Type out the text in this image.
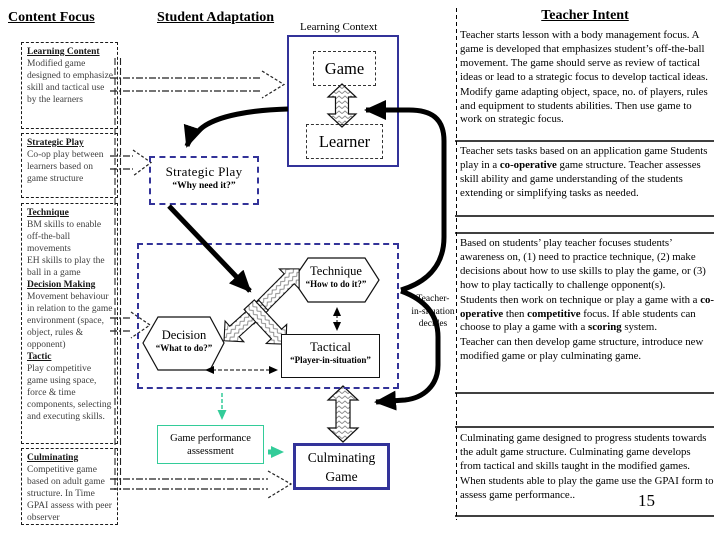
Content Focus	Student Adaptation	Teacher Intent
Learning Content
Modified game designed to emphasize skill and tactical use by the learners
Strategic Play
Co-op play between learners based on game structure
Technique
BM skills to enable off-the-ball movements
EH skills to play the ball in a game
Decision Making
Movement behaviour in relation to the game environment (space, object, rules & opponent)
Tactic
Play competitive game using space, force & time components, selecting and executing skills.
Culminating
Competitive game based on adult game structure. In Time GPAI assess with peer observer
Learning Context
Game
Learner
Strategic Play
“Why need it?”
Technique
“How to do it?”
Decision
“What to do?”	Tactical
“Player-in-situation”
Teacher-
in-situation
decides
Game performance assessment	Culminating Game

Teacher starts lesson with a body management focus. A game is developed that emphasizes student’s off-the-ball movement. The game should serve as review of tactical ideas or lead to a strategic focus to develop tactical ideas.

Modify game adapting object, space, no. of players, rules and equipment to students abilities. Then use game to work on strategic focus.

Teacher sets tasks based on an application game Students play in a co-operative game structure. Teacher assesses skill ability and game understanding of the students extending or simplifying tasks as needed.

Based on students’ play teacher focuses students’ awareness on, (1) need to practice technique, (2) make decisions about how to use skills to play the game, or (3) how to play tactically to challenge opponent(s).

Students then work on technique or play a game with a co-operative then competitive focus. If able students can choose to play a game with a scoring system.

Teacher can then develop game structure, introduce new modified game or play culminating game.

Culminating game designed to progress students towards the adult game structure. Culminating game develops from tactical and skills taught in the modified games.

When students able to play the game use the GPAI form to assess game performance..	15
